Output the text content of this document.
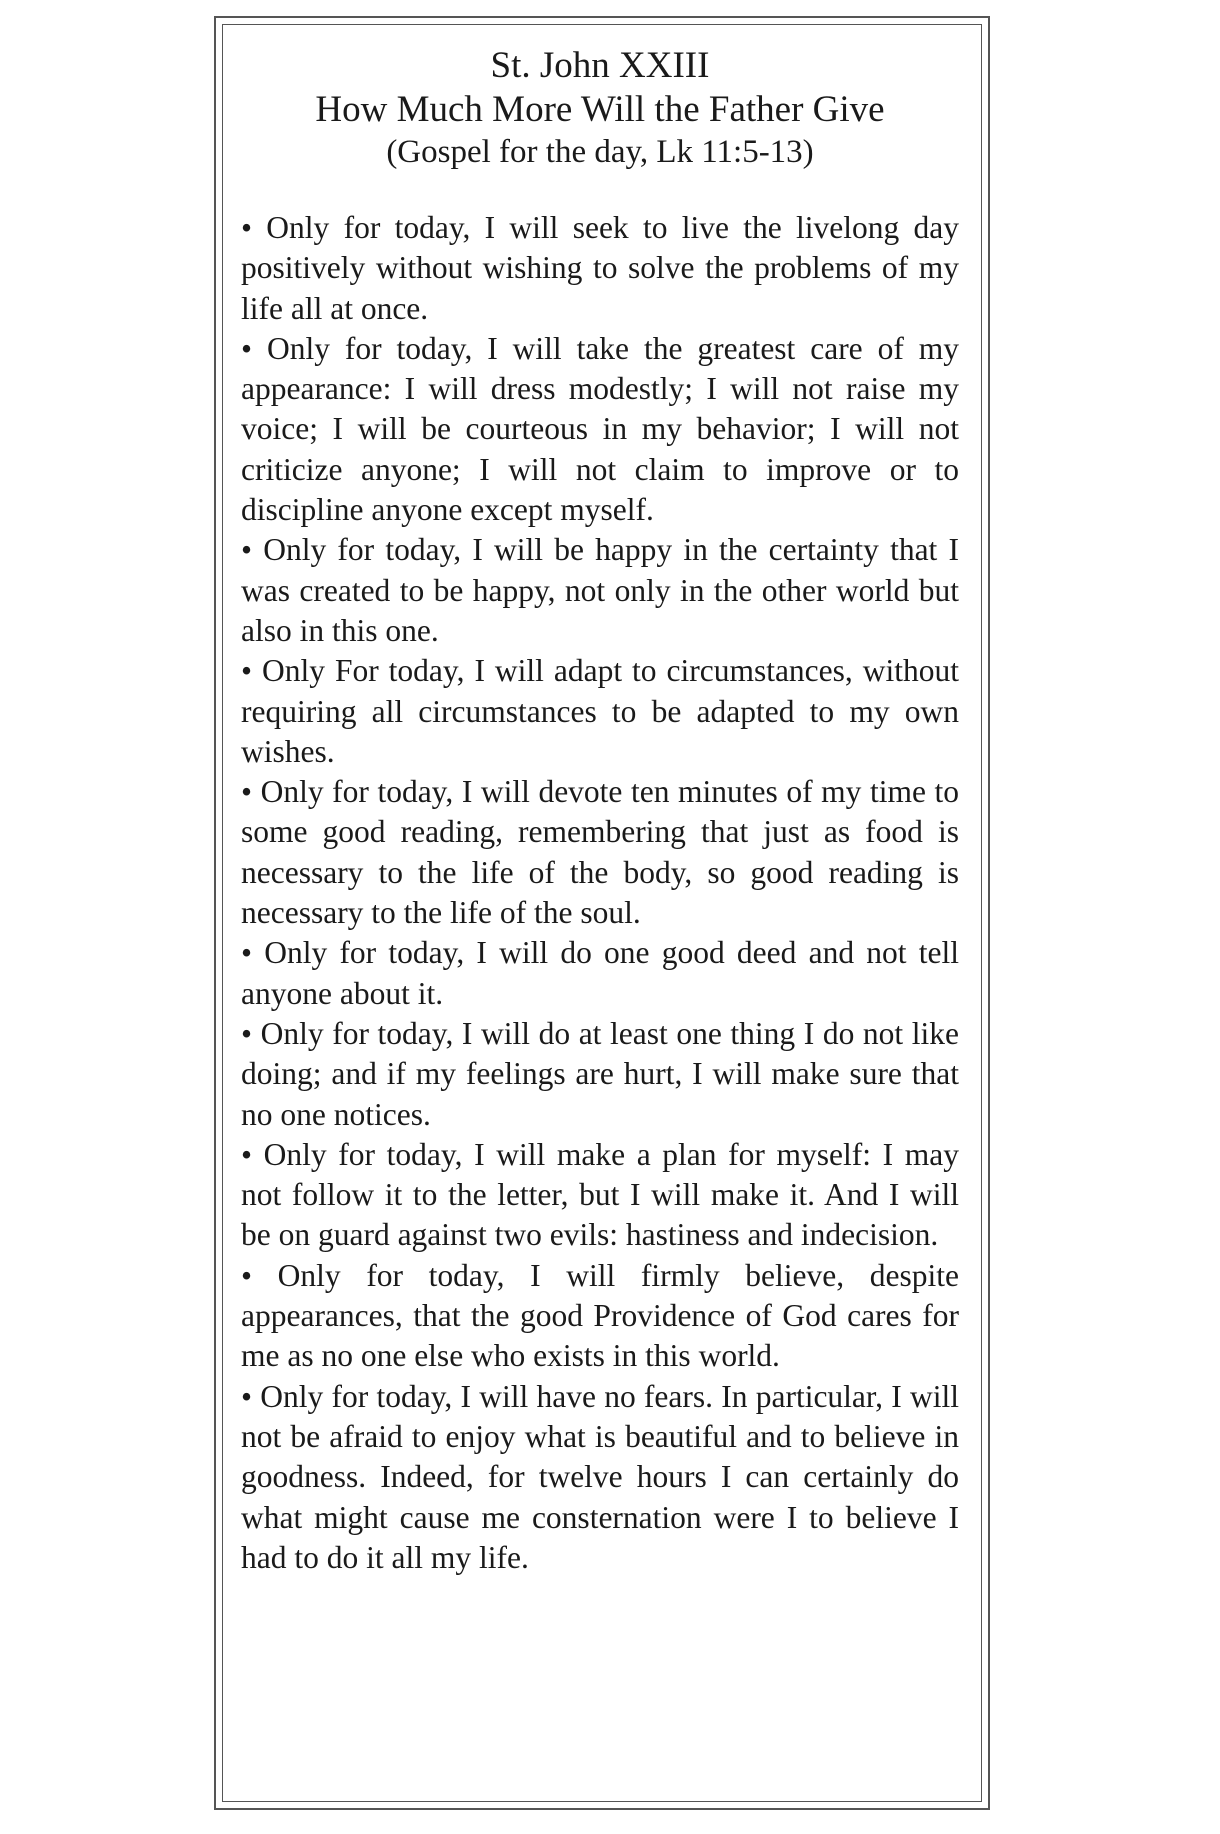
St. John XXIII
How Much More Will the Father Give
(Gospel for the day, Lk 11:5-13)

• Only for today, I will seek to live the livelong day positively without wishing to solve the problems of my life all at once.

• Only for today, I will take the greatest care of my appearance: I will dress modestly; I will not raise my voice; I will be courteous in my behavior; I will not criticize anyone; I will not claim to improve or to discipline anyone except myself.

• Only for today, I will be happy in the certainty that I was created to be happy, not only in the other world but also in this one.

• Only For today, I will adapt to circumstances, without requiring all circumstances to be adapted to my own wishes.

• Only for today, I will devote ten minutes of my time to some good reading, remembering that just as food is necessary to the life of the body, so good reading is necessary to the life of the soul.

• Only for today, I will do one good deed and not tell anyone about it.

• Only for today, I will do at least one thing I do not like doing; and if my feelings are hurt, I will make sure that no one notices.

• Only for today, I will make a plan for myself: I may not follow it to the letter, but I will make it. And I will be on guard against two evils: hastiness and indecision.

• Only for today, I will firmly believe, despite appearances, that the good Providence of God cares for me as no one else who exists in this world.

• Only for today, I will have no fears. In particular, I will not be afraid to enjoy what is beautiful and to believe in goodness. Indeed, for twelve hours I can certainly do what might cause me consternation were I to believe I had to do it all my life.
